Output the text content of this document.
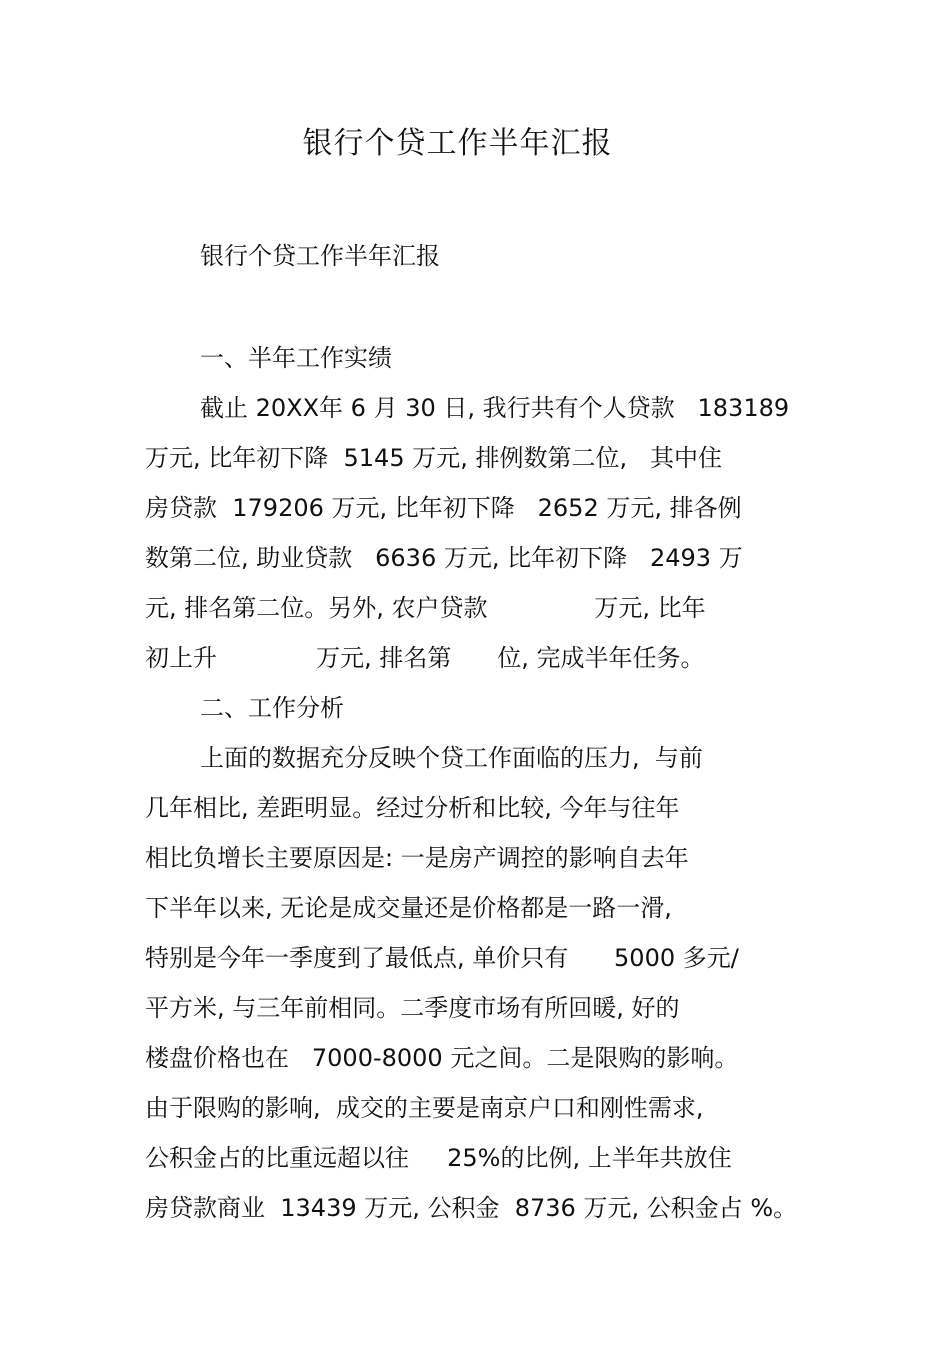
银行个贷工作半年汇报
银行个贷工作半年汇报
一、半年工作实绩
截止 20XX年 6 月 30 日, 我行共有个人贷款   183189
万元, 比年初下降  5145 万元, 排例数第二位,   其中住
房贷款  179206 万元, 比年初下降   2652 万元, 排各例
数第二位, 助业贷款   6636 万元, 比年初下降   2493 万
元, 排名第二位。另外, 农户贷款              万元, 比年
初上升             万元, 排名第      位, 完成半年任务。
二、工作分析
上面的数据充分反映个贷工作面临的压力,  与前
几年相比, 差距明显。经过分析和比较, 今年与往年
相比负增长主要原因是: 一是房产调控的影响自去年
下半年以来, 无论是成交量还是价格都是一路一滑,
特别是今年一季度到了最低点, 单价只有      5000 多元/
平方米, 与三年前相同。二季度市场有所回暖, 好的
楼盘价格也在   7000-8000 元之间。二是限购的影响。
由于限购的影响,  成交的主要是南京户口和刚性需求,
公积金占的比重远超以往     25%的比例, 上半年共放住
房贷款商业  13439 万元, 公积金  8736 万元, 公积金占 %。
